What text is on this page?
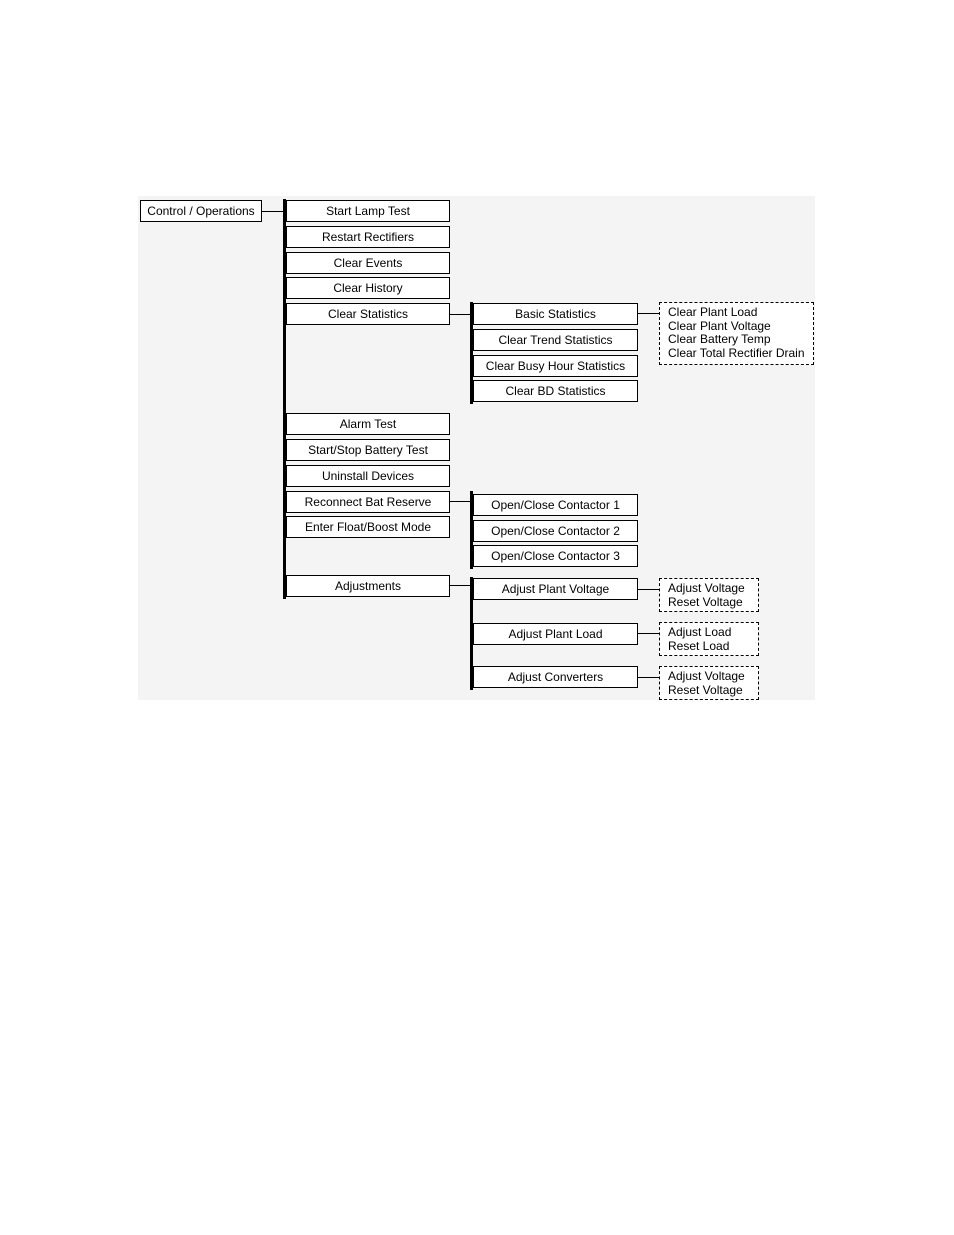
Control / Operations	Start Lamp Test
Restart Rectifiers
Clear Events
Clear History
Clear Statistics
Alarm Test
Start/Stop Battery Test
Uninstall Devices
Reconnect Bat Reserve
Enter Float/Boost Mode
Adjustments
Basic Statistics
Clear Trend Statistics
Clear Busy Hour Statistics
Clear BD Statistics
Clear Plant Load
Clear Plant Voltage
Clear Battery Temp
Clear Total Rectifier Drain
Open/Close Contactor 1
Open/Close Contactor 2
Open/Close Contactor 3
Adjust Plant Voltage
Adjust Plant Load
Adjust Converters
Adjust Voltage
Reset Voltage
Adjust Load
Reset Load
Adjust Voltage
Reset Voltage
